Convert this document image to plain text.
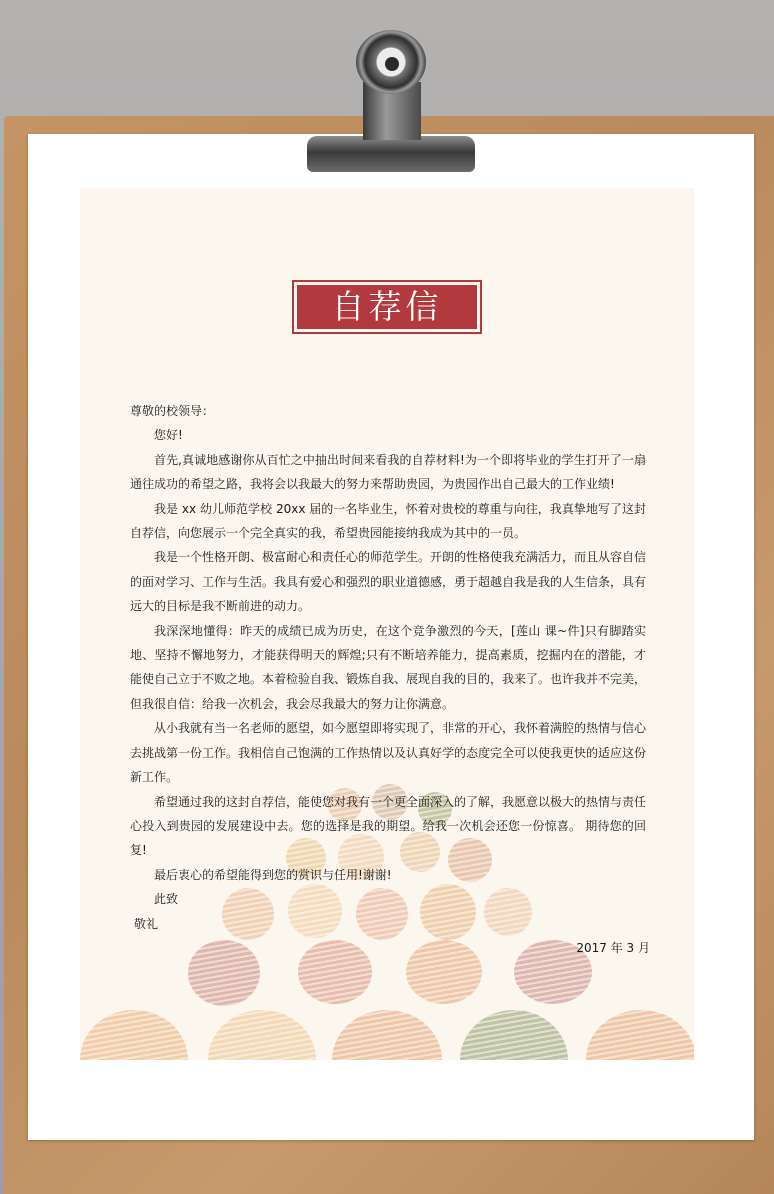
自荐信

尊敬的校领导：

您好!

首先,真诚地感谢你从百忙之中抽出时间来看我的自荐材料!为一个即将毕业的学生打开了一扇通往成功的希望之路，我将会以我最大的努力来帮助贵园，为贵园作出自己最大的工作业绩!

我是 xx 幼儿师范学校 20xx 届的一名毕业生，怀着对贵校的尊重与向往，我真挚地写了这封自荐信，向您展示一个完全真实的我，希望贵园能接纳我成为其中的一员。

我是一个性格开朗、极富耐心和责任心的师范学生。开朗的性格使我充满活力，而且从容自信的面对学习、工作与生活。我具有爱心和强烈的职业道德感，勇于超越自我是我的人生信条，具有远大的目标是我不断前进的动力。

我深深地懂得：昨天的成绩已成为历史，在这个竞争激烈的今天，[莲山 课~件]只有脚踏实地、坚持不懈地努力，才能获得明天的辉煌;只有不断培养能力，提高素质，挖掘内在的潜能，才能使自己立于不败之地。本着检验自我、锻炼自我、展现自我的目的，我来了。也许我并不完美，但我很自信：给我一次机会，我会尽我最大的努力让你满意。

从小我就有当一名老师的愿望，如今愿望即将实现了，非常的开心，我怀着满腔的热情与信心去挑战第一份工作。我相信自己饱满的工作热情以及认真好学的态度完全可以使我更快的适应这份新工作。

希望通过我的这封自荐信，能使您对我有一个更全面深入的了解，我愿意以极大的热情与责任心投入到贵园的发展建设中去。您的选择是我的期望。给我一次机会还您一份惊喜。 期待您的回复!

最后衷心的希望能得到您的赏识与任用!谢谢!

此致

敬礼

2017 年 3 月
